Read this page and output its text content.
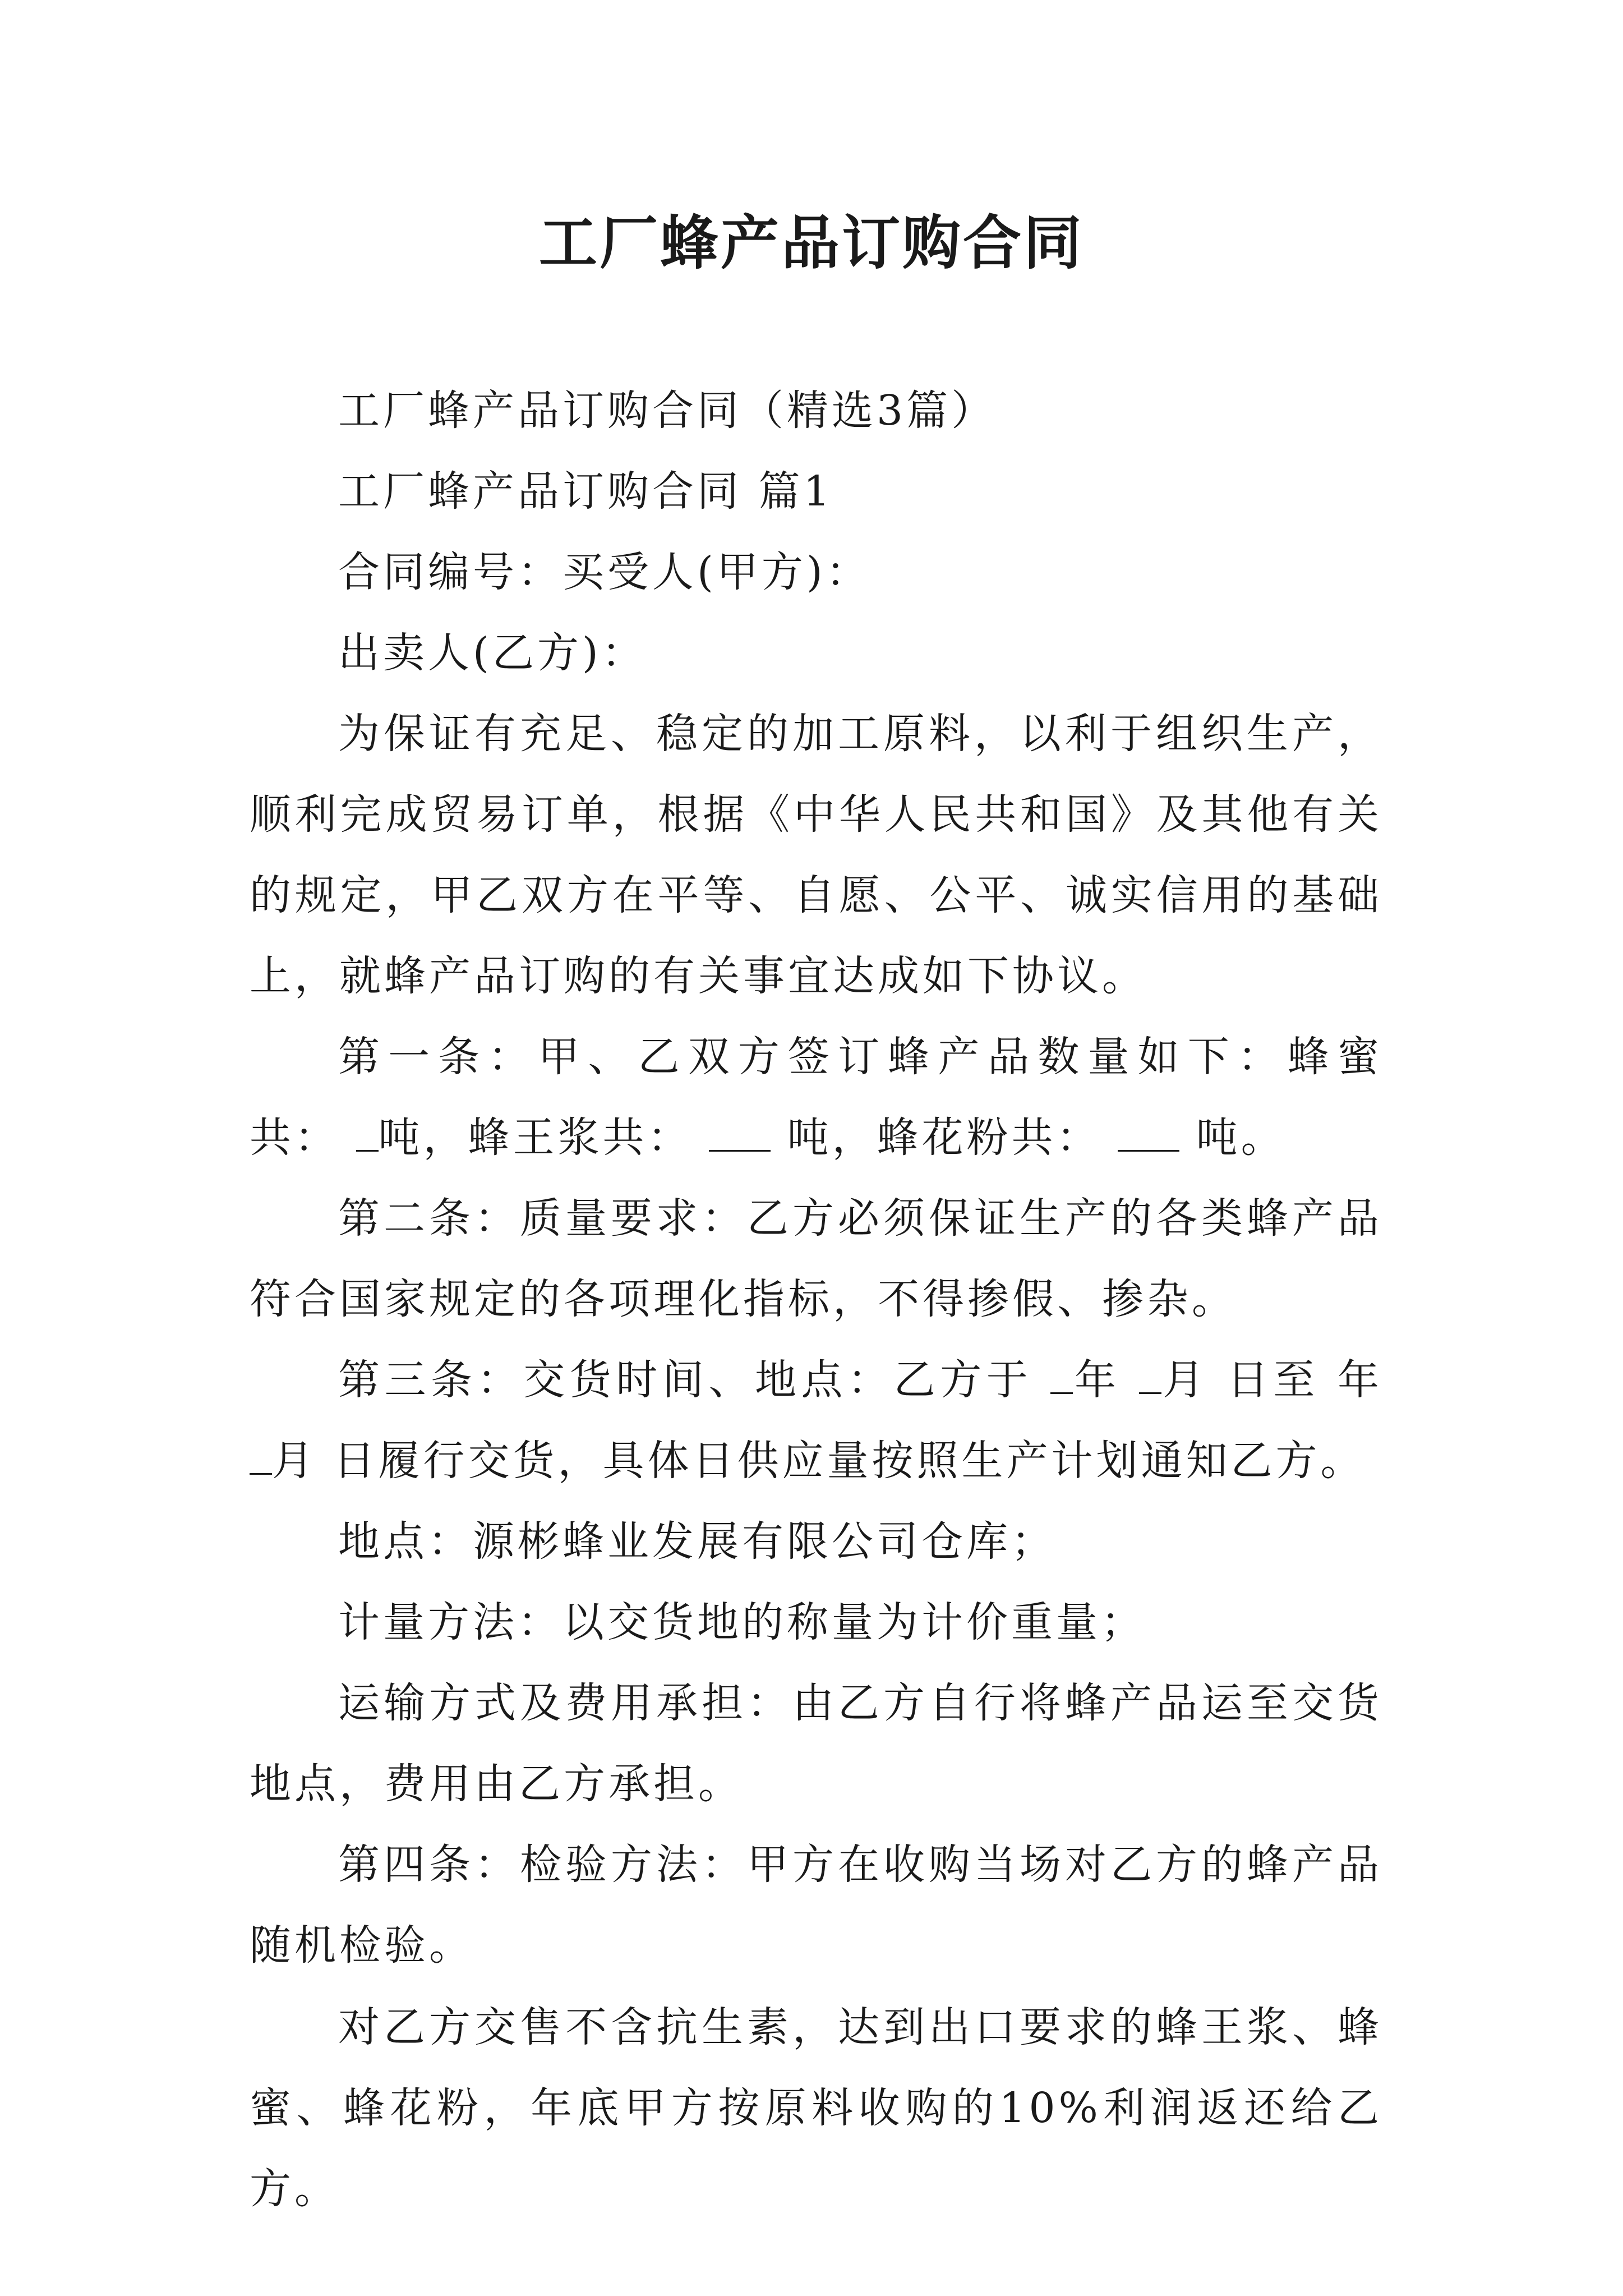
工厂蜂产品订购合同

工厂蜂产品订购合同（精选3篇）

工厂蜂产品订购合同 篇1

合同编号：买受人(甲方)：

出卖人(乙方)：

为保证有充足、稳定的加工原料，以利于组织生产，顺利完成贸易订单，根据《中华人民共和国》及其他有关的规定，甲乙双方在平等、自愿、公平、诚实信用的基础上，就蜂产品订购的有关事宜达成如下协议。

第一条：甲、乙双方签订蜂产品数量如下：蜂蜜 共： 吨，蜂王浆共： 吨，蜂花粉共： 吨。

第二条：质量要求：乙方必须保证生产的各类蜂产品符合国家规定的各项理化指标，不得掺假、掺杂。

第三条：交货时间、地点：乙方于 年 月 日至 年 月 日履行交货，具体日供应量按照生产计划通知乙方。

地点：源彬蜂业发展有限公司仓库；

计量方法：以交货地的称量为计价重量；

运输方式及费用承担：由乙方自行将蜂产品运至交货地点，费用由乙方承担。

第四条：检验方法：甲方在收购当场对乙方的蜂产品随机检验。

对乙方交售不含抗生素，达到出口要求的蜂王浆、蜂蜜、蜂花粉，年底甲方按原料收购的10%利润返还给乙方。
